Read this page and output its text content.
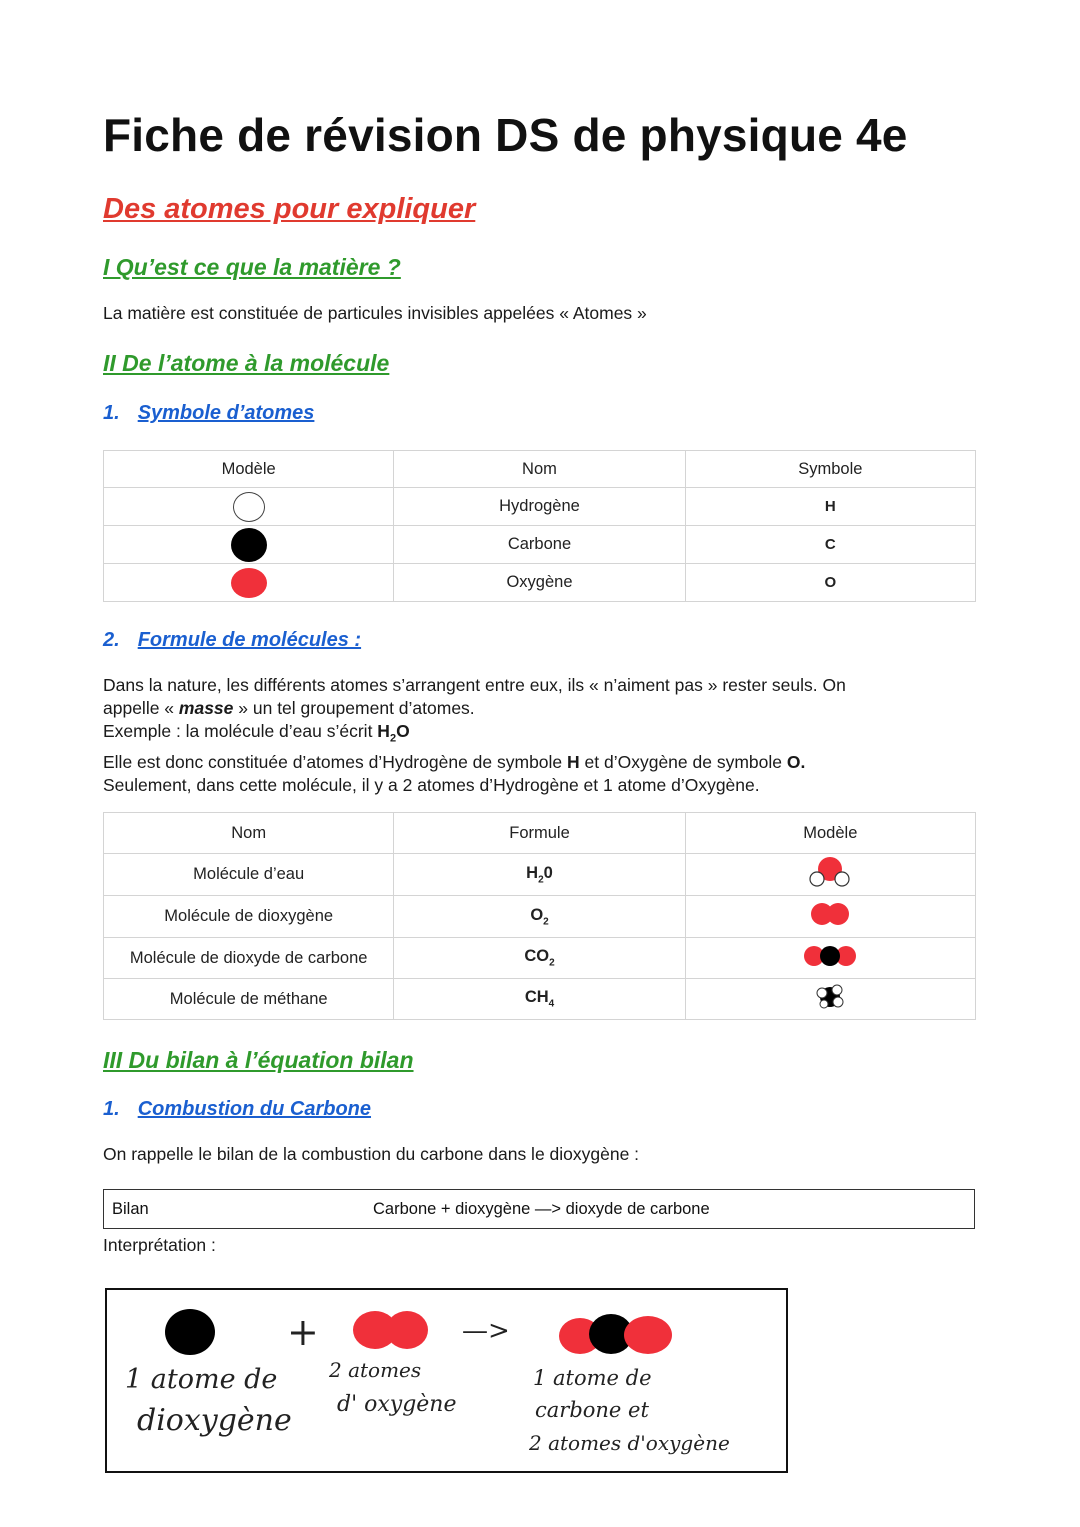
Fiche de révision DS de physique 4e
Des atomes pour expliquer
I Qu’est ce que la matière ?
La matière est constituée de particules invisibles appelées « Atomes »
II De l’atome à la molécule
1. Symbole d’atomes
Modèle	Nom	Symbole
	Hydrogène	H
	Carbone	C
	Oxygène	O
2. Formule de molécules :
Dans la nature, les différents atomes s’arrangent entre eux, ils « n’aiment pas » rester seuls. On
appelle « masse » un tel groupement d’atomes.
Exemple : la molécule d’eau s’écrit $H_2O$
Elle est donc constituée d’atomes d’Hydrogène de symbole H et d’Oxygène de symbole O.
Seulement, dans cette molécule, il y a 2 atomes d’Hydrogène et 1 atome d’Oxygène.
Nom	Formule	Modèle
Molécule d’eau	$H_20$	
Molécule de dioxygène	$O_2$	
Molécule de dioxyde de carbone	$CO_2$	
Molécule de méthane	$CH_4$	
III Du bilan à l’équation bilan
1. Combustion du Carbone
On rappelle le bilan de la combustion du carbone dans le dioxygène :
Bilan	Carbone + dioxygène —> dioxyde de carbone
Interprétation :
+	—>
1 atome de
dioxygène
2 atomes
d' oxygène
1 atome de
carbone et
2 atomes d'oxygène
